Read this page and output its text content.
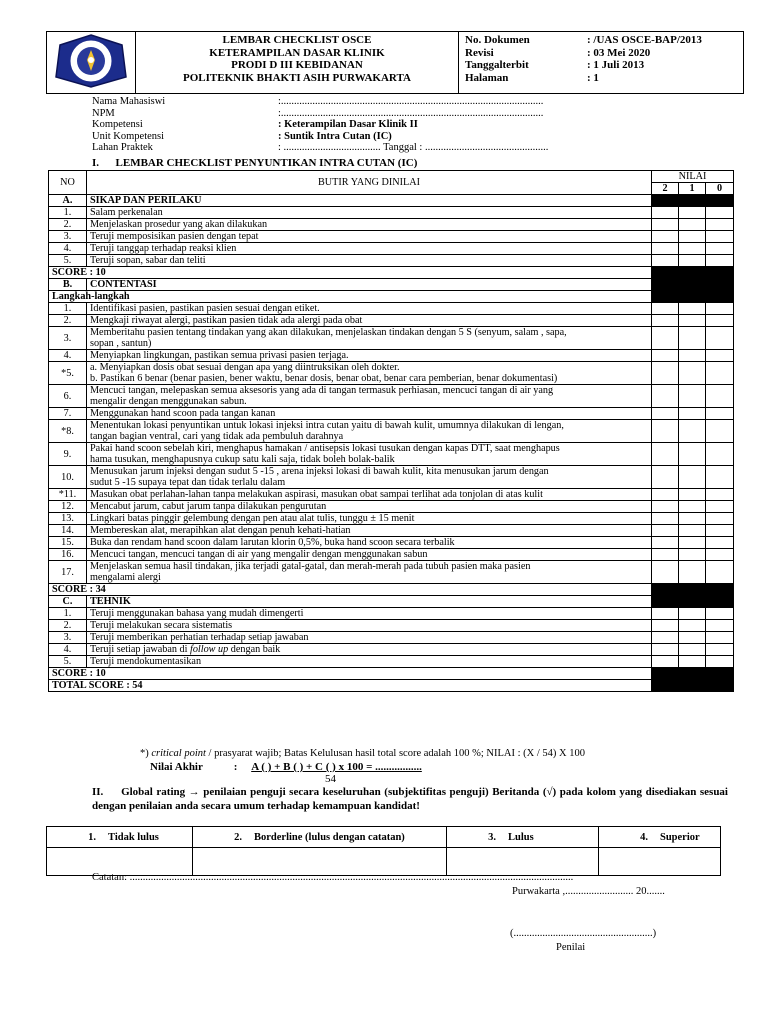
LEMBAR CHECKLIST OSCE
KETERAMPILAN DASAR KLINIK
PRODI D III KEBIDANAN
POLITEKNIK BHAKTI ASIH PURWAKARTA

No. Dokumen	: /UAS OSCE-BAP/2013
Revisi	: 03 Mei 2020
Tanggalterbit	: 1 Juli 2013
Halaman	: 1
Nama Mahasiswi	:....................................................................................................
NPM	:....................................................................................................
Kompetensi	: Keterampilan Dasar Klinik II
Unit Kompetensi	: Suntik Intra Cutan (IC)
Lahan Praktek	: ..................................... Tanggal : ...............................................
I. LEMBAR CHECKLIST PENYUNTIKAN INTRA CUTAN (IC)
NO	BUTIR YANG DINILAI	NILAI		
		2	1	0
A.	SIKAP DAN PERILAKU			
1.	Salam perkenalan			
2.	Menjelaskan prosedur yang akan dilakukan			
3.	Teruji memposisikan pasien dengan tepat			
4.	Teruji tanggap terhadap reaksi klien			
5.	Teruji sopan, sabar dan teliti			
SCORE : 10				
B.	CONTENTASI			
Langkah-langkah				
1.	Identifikasi pasien, pastikan pasien sesuai dengan etiket.			

2.	Mengkaji riwayat alergi, pastikan pasien tidak ada alergi pada obat			

3.	Memberitahu pasien tentang tindakan yang akan dilakukan, menjelaskan tindakan dengan 5 S (senyum, salam , sapa,
sopan , santun)			

4.	Menyiapkan lingkungan, pastikan semua privasi pasien terjaga.			

*5.	a. Menyiapkan dosis obat sesuai dengan apa yang diintruksikan oleh dokter.
b. Pastikan 6 benar (benar pasien, bener waktu, benar dosis, benar obat, benar cara pemberian, benar dokumentasi)			

6.	Mencuci tangan, melepaskan semua aksesoris yang ada di tangan termasuk perhiasan, mencuci tangan di air yang
mengalir dengan menggunakan sabun.			

7.	Menggunakan hand scoon pada tangan kanan			

*8.	Menentukan lokasi penyuntikan untuk lokasi injeksi intra cutan yaitu di bawah kulit, umumnya dilakukan di lengan,
tangan bagian ventral, cari yang tidak ada pembuluh darahnya			

9.	Pakai hand scoon sebelah kiri, menghapus hamakan / antisepsis lokasi tusukan dengan kapas DTT, saat menghapus
hama tusukan, menghapusnya cukup satu kali saja, tidak boleh bolak-balik			

10.	Menusukan jarum injeksi dengan sudut 5 -15 , arena injeksi lokasi di bawah kulit, kita menusukan jarum dengan
sudut 5 -15 supaya tepat dan tidak terlalu dalam			

*11.	Masukan obat perlahan-lahan tanpa melakukan aspirasi, masukan obat sampai terlihat ada tonjolan di atas kulit			

12.	Mencabut jarum, cabut jarum tanpa dilakukan pengurutan			

13.	Lingkari batas pinggir gelembung dengan pen atau alat tulis, tunggu ± 15 menit			

14.	Membereskan alat, merapihkan alat dengan penuh kehati-hatian			

15.	Buka dan rendam hand scoon dalam larutan klorin 0,5%, buka hand scoon secara terbalik			

16.	Mencuci tangan, mencuci tangan di air yang mengalir dengan menggunakan sabun			

17.	Menjelaskan semua hasil tindakan, jika terjadi gatal-gatal, dan merah-merah pada tubuh pasien maka pasien
mengalami alergi			

SCORE : 34				
C.	TEHNIK			
1.	Teruji menggunakan bahasa yang mudah dimengerti			
2.	Teruji melakukan secara sistematis			
3.	Teruji memberikan perhatian terhadap setiap jawaban			
4.	Teruji setiap jawaban di follow up dengan baik			
5.	Teruji mendokumentasikan			
SCORE : 10				
TOTAL SCORE : 54				
*) critical point / prasyarat wajib; Batas Kelulusan hasil total score adalah 100 %; NILAI : (X / 54) X 100
Nilai Akhir	: A ( ) + B ( ) + C ( ) x 100 = .................
54
II. Global rating → penilaian penguji secara keseluruhan (subjektifitas penguji) Beritanda (√) pada kolom yang disediakan sesuai dengan penilaian anda secara umum terhadap kemampuan kandidat!
1. Tidak lulus	2. Borderline (lulus dengan catatan)	3. Lulus	4. Superior

Catatan: .........................................................................................................................................................................
Purwakarta ,.......................... 20.......
(.....................................................)
Penilai
